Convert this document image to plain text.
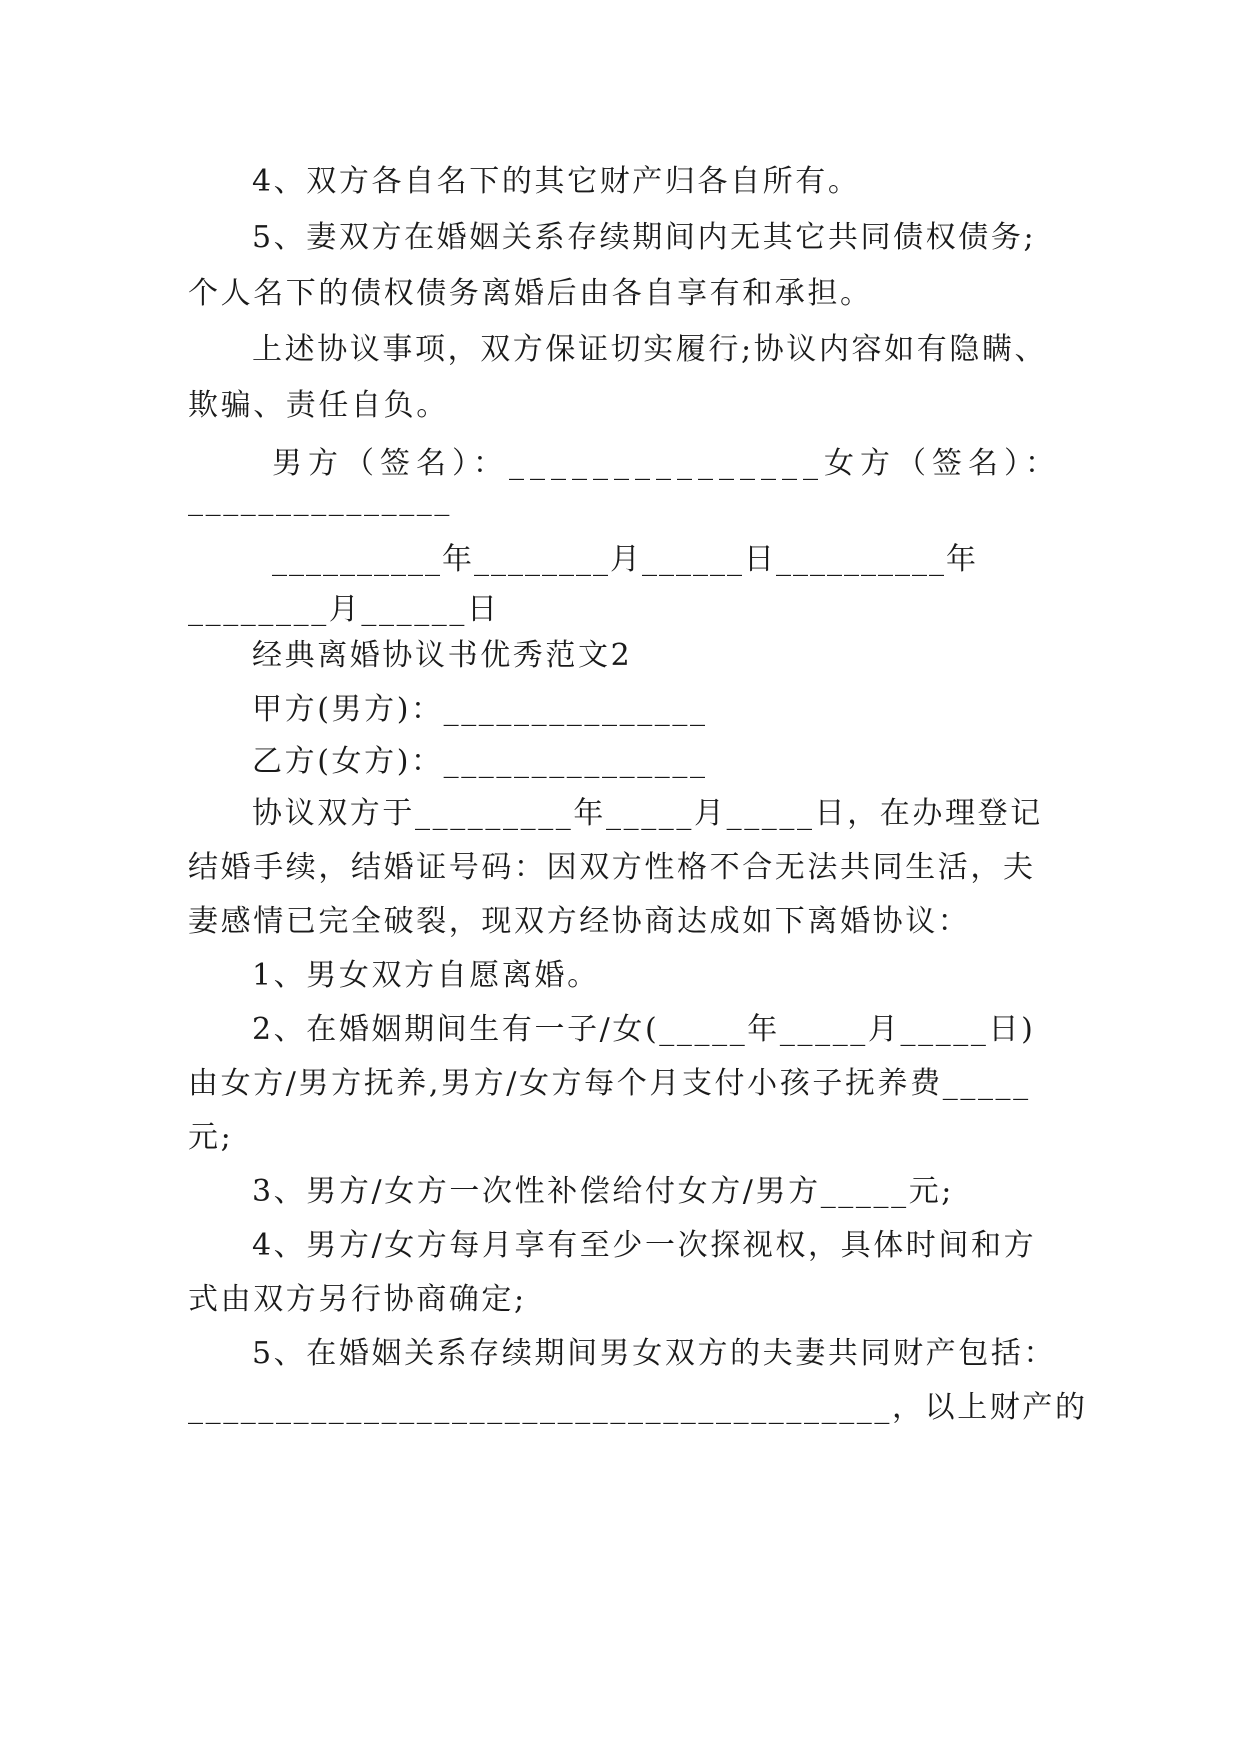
4、双方各自名下的其它财产归各自所有。
5、妻双方在婚姻关系存续期间内无其它共同债权债务;
个人名下的债权债务离婚后由各自享有和承担。
上述协议事项，双方保证切实履行;协议内容如有隐瞒、
欺骗、责任自负。
男方（签名）：_______________女方（签名）：
_______________
__________年________月______日__________年
________月______日
经典离婚协议书优秀范文2
甲方(男方)：_______________
乙方(女方)：_______________
协议双方于_________年_____月_____日，在办理登记
结婚手续，结婚证号码：因双方性格不合无法共同生活，夫
妻感情已完全破裂，现双方经协商达成如下离婚协议：
1、男女双方自愿离婚。
2、在婚姻期间生有一子/女(_____年_____月_____日)
由女方/男方抚养,男方/女方每个月支付小孩子抚养费_____
元;
3、男方/女方一次性补偿给付女方/男方_____元;
4、男方/女方每月享有至少一次探视权，具体时间和方
式由双方另行协商确定;
5、在婚姻关系存续期间男女双方的夫妻共同财产包括：
________________________________________，以上财产的
